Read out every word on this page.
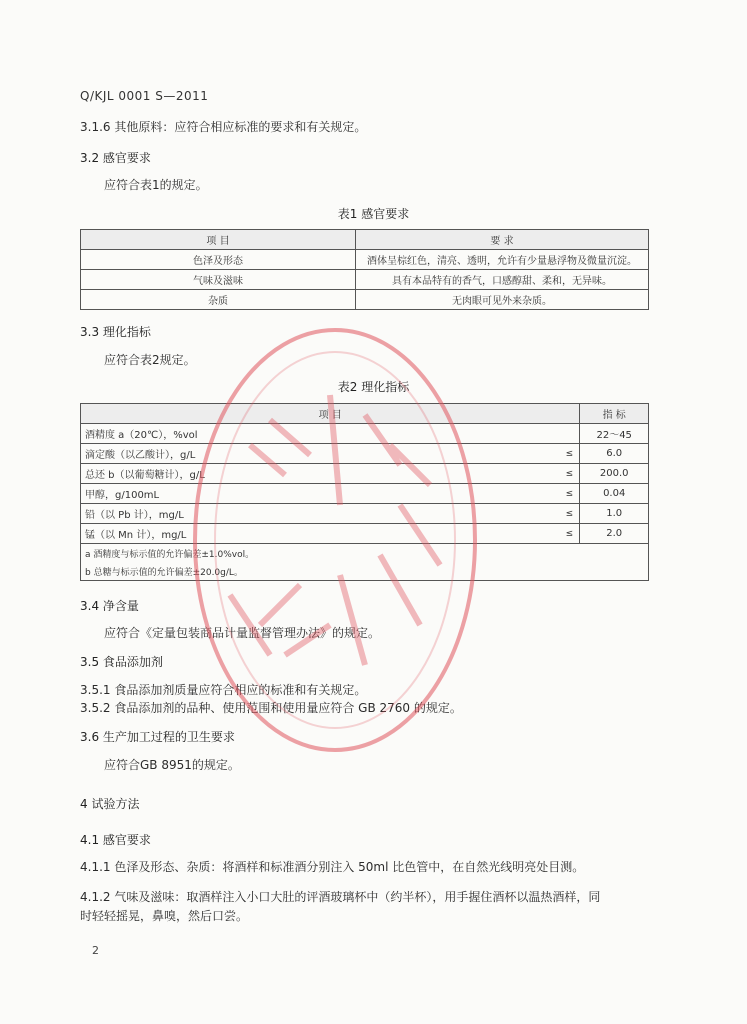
Q/KJL 0001 S—2011
3.1.6 其他原料：应符合相应标准的要求和有关规定。
3.2 感官要求
应符合表1的规定。
表1 感官要求
项 目	要 求
色泽及形态	酒体呈棕红色，清亮、透明，允许有少量悬浮物及微量沉淀。
气味及滋味	具有本品特有的香气，口感醇甜、柔和，无异味。
杂质	无肉眼可见外来杂质。
3.3 理化指标
应符合表2规定。
表2 理化指标
项 目		指 标
酒精度 a（20℃），%vol		22～45
滴定酸（以乙酸计），g/L	≤	6.0
总还 b（以葡萄糖计），g/L	≤	200.0
甲醇，g/100mL	≤	0.04
铅（以 Pb 计），mg/L	≤	1.0
锰（以 Mn 计），mg/L	≤	2.0
a 酒精度与标示值的允许偏差±1.0%vol。		
b 总糖与标示值的允许偏差±20.0g/L。		
3.4 净含量
应符合《定量包装商品计量监督管理办法》的规定。
3.5 食品添加剂
3.5.1 食品添加剂质量应符合相应的标准和有关规定。
3.5.2 食品添加剂的品种、使用范围和使用量应符合 GB 2760 的规定。
3.6 生产加工过程的卫生要求
应符合GB 8951的规定。
4 试验方法
4.1 感官要求
4.1.1 色泽及形态、杂质：将酒样和标准酒分别注入 50ml 比色管中，在自然光线明亮处目测。
4.1.2 气味及滋味：取酒样注入小口大肚的评酒玻璃杯中（约半杯），用手握住酒杯以温热酒样，同
时轻轻摇晃，鼻嗅，然后口尝。
2
